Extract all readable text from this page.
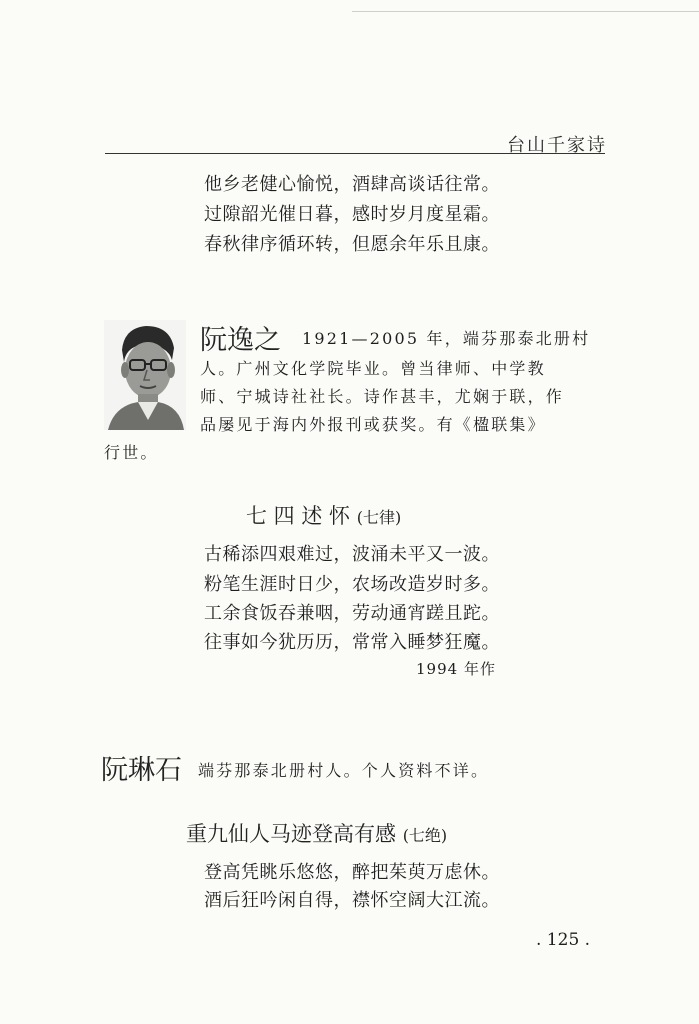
台山千家诗
他乡老健心愉悦，酒肆高谈话往常。
过隙韶光催日暮，感时岁月度星霜。
春秋律序循环转，但愿余年乐且康。
阮逸之 1921—2005 年，端芬那泰北册村
人。广州文化学院毕业。曾当律师、中学教
师、宁城诗社社长。诗作甚丰，尤娴于联，作
品屡见于海内外报刊或获奖。有《楹联集》
行世。
七 四 述 怀 (七律)
古稀添四艰难过，波涌未平又一波。
粉笔生涯时日少，农场改造岁时多。
工余食饭吞兼咽，劳动通宵蹉且跎。
往事如今犹历历，常常入睡梦狂魔。
1994 年作
阮琳石 端芬那泰北册村人。个人资料不详。
重九仙人马迹登高有感 (七绝)
登高凭眺乐悠悠，醉把茱萸万虑休。
酒后狂吟闲自得，襟怀空阔大江流。
. 125 .
